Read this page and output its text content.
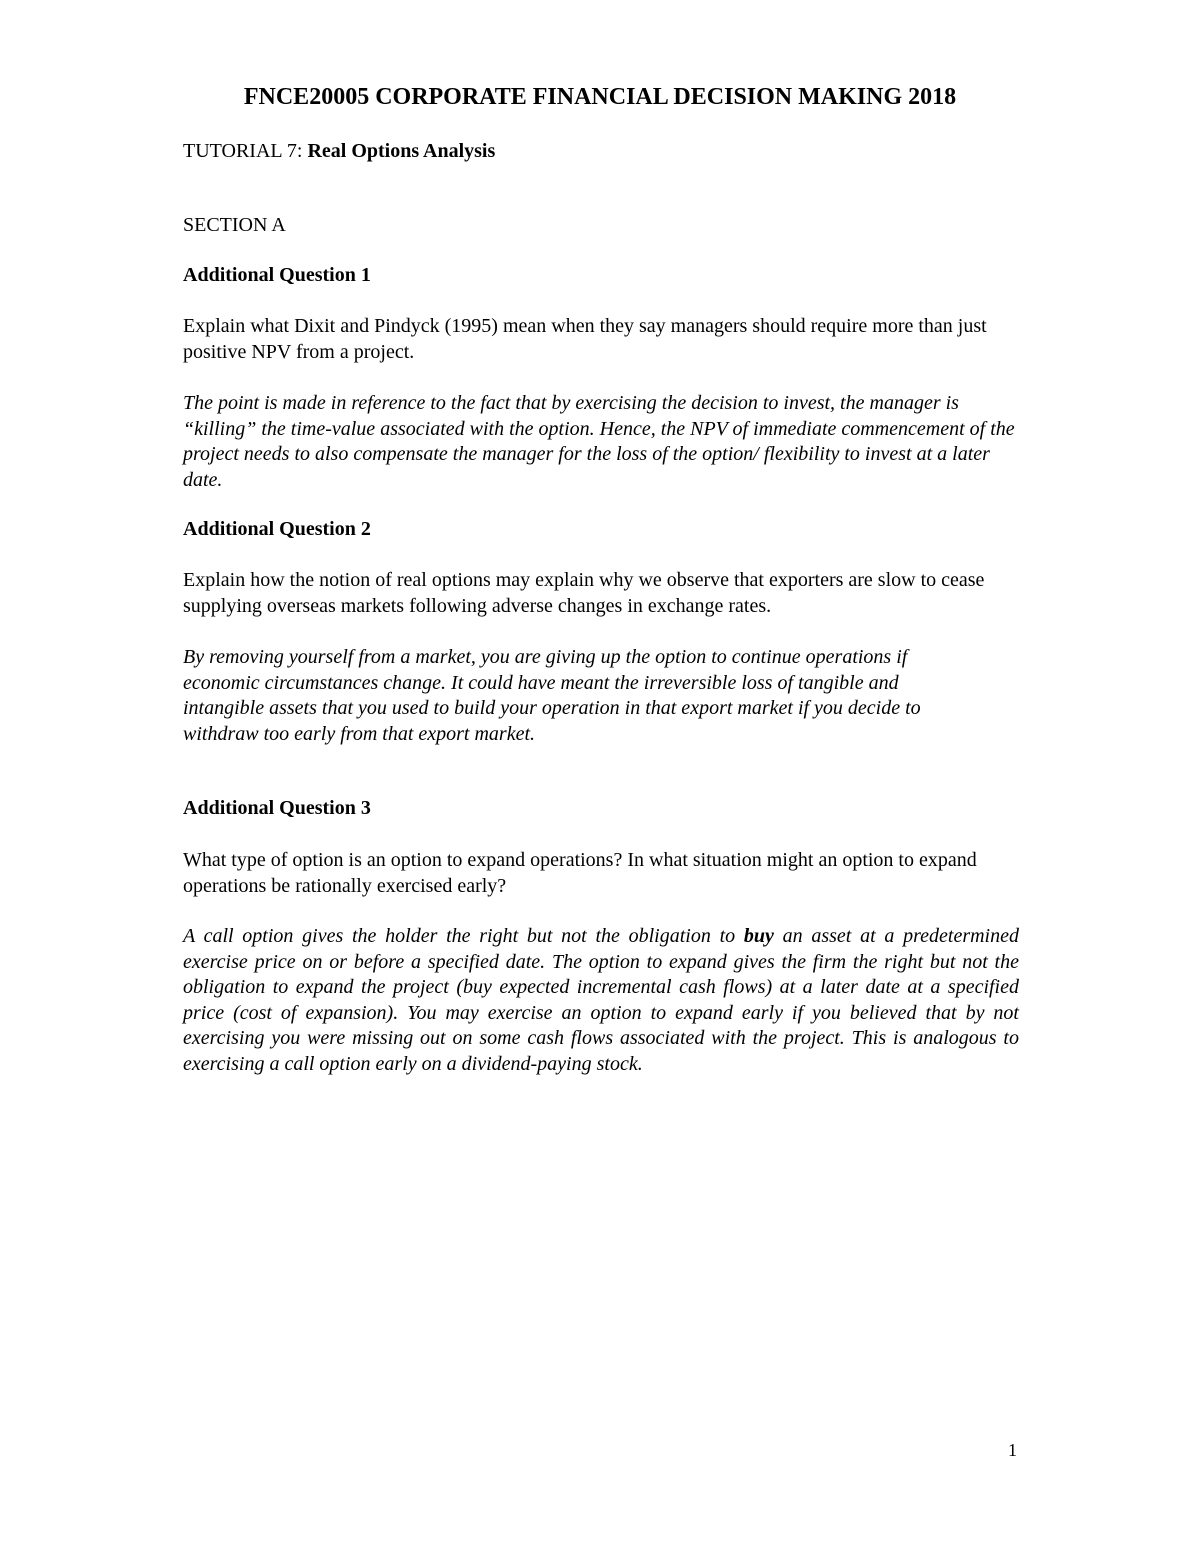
FNCE20005 CORPORATE FINANCIAL DECISION MAKING 2018
TUTORIAL 7: Real Options Analysis
SECTION A
Additional Question 1

Explain what Dixit and Pindyck (1995) mean when they say managers should require more than just positive NPV from a project.

The point is made in reference to the fact that by exercising the decision to invest, the manager is “killing” the time-value associated with the option. Hence, the NPV of immediate commencement of the project needs to also compensate the manager for the loss of the option/ flexibility to invest at a later date.

Additional Question 2

Explain how the notion of real options may explain why we observe that exporters are slow to cease supplying overseas markets following adverse changes in exchange rates.

By removing yourself from a market, you are giving up the option to continue operations if economic circumstances change. It could have meant the irreversible loss of tangible and intangible assets that you used to build your operation in that export market if you decide to withdraw too early from that export market.

Additional Question 3

What type of option is an option to expand operations? In what situation might an option to expand operations be rationally exercised early?

A call option gives the holder the right but not the obligation to buy an asset at a predetermined exercise price on or before a specified date. The option to expand gives the firm the right but not the obligation to expand the project (buy expected incremental cash flows) at a later date at a specified price (cost of expansion). You may exercise an option to expand early if you believed that by not exercising you were missing out on some cash flows associated with the project. This is analogous to exercising a call option early on a dividend-paying stock.

1
